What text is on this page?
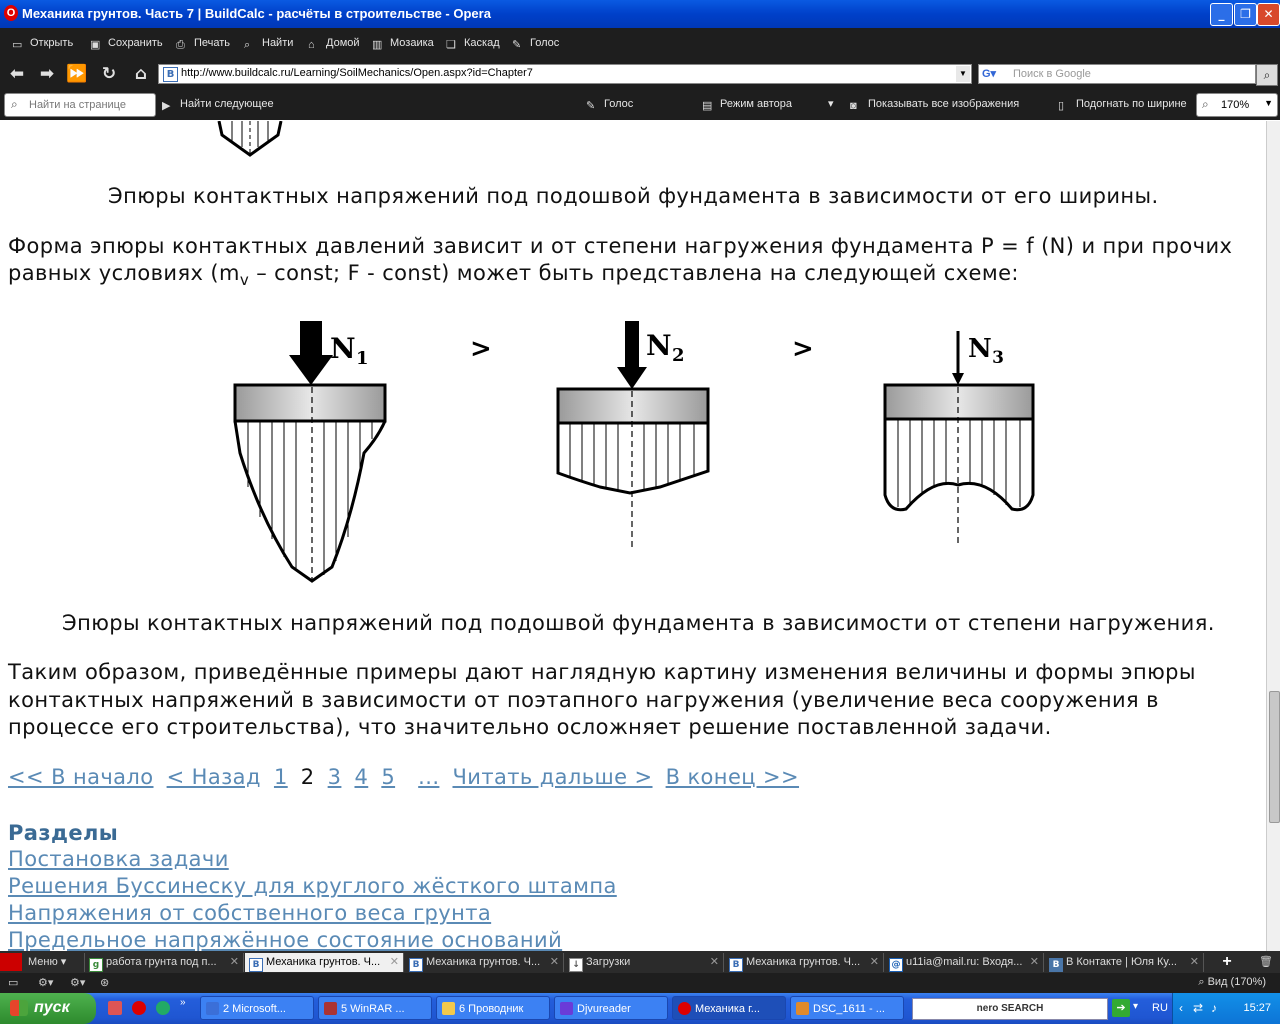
O Механика грунтов. Часть 7 | BuildCalc - расчёты в строительстве - Opera	_	❐	✕
▭ Открыть ▣ Сохранить ⎙ Печать ⌕ Найти ⌂ Домой ▥ Мозаика ❏ Каскад ✎ Голос
⬅ ➡ ⏩ ↻ ⌂	B http://www.buildcalc.ru/Learning/SoilMechanics/Open.aspx?id=Chapter7	▼ G▾	Поиск в Google	⌕
▶ Найти следующее	✎ Голос	▤ Режим автора	▾ ◙ Показывать все изображения	▯ Подогнать по ширине
⌕ Найти на странице	⌕ 170% ▼
Эпюры контактных напряжений под подошвой фундамента в зависимости от его ширины.
Форма эпюры контактных давлений зависит и от степени нагружения фундамента P = f (N) и при прочих
равных условиях ($m_v$ – const; F - const) может быть представлена на следующей схеме:
$N_1$	>	$N_2$	>	$N_3$
Эпюры контактных напряжений под подошвой фундамента в зависимости от степени нагружения.
Таким образом, приведённые примеры дают наглядную картину изменения величины и формы эпюры
контактных напряжений в зависимости от поэтапного нагружения (увеличение веса сооружения в
процессе его строительства), что значительно осложняет решение поставленной задачи.
<< В начало < Назад 1 2 3 4 5 ... Читать дальше > В конец >>
Разделы
Постановка задачи
Решения Буссинеску для круглого жёсткого штампа
Напряжения от собственного веса грунта
Предельное напряжённое состояние оснований
Меню ▾	g работа грунта под п... ✕	B Механика грунтов. Ч... ✕	B Механика грунтов. Ч... ✕	↓ Загрузки	✕	B Механика грунтов. Ч... ✕	@ u11ia@mail.ru: Входя... ✕	B В Контакте | Юля Ку... ✕	+	🗑
▭ ⚙▾ ⚙▾ ⊛	⌕ Вид (170%)
пуск	»
2 Microsoft...	5 WinRAR ...	6 Проводник	Djvureader	Механика г...	DSC_1611 - ...	nero SEARCH	➔ ▾ RU ‹ ⇄ ♪ 15:27
